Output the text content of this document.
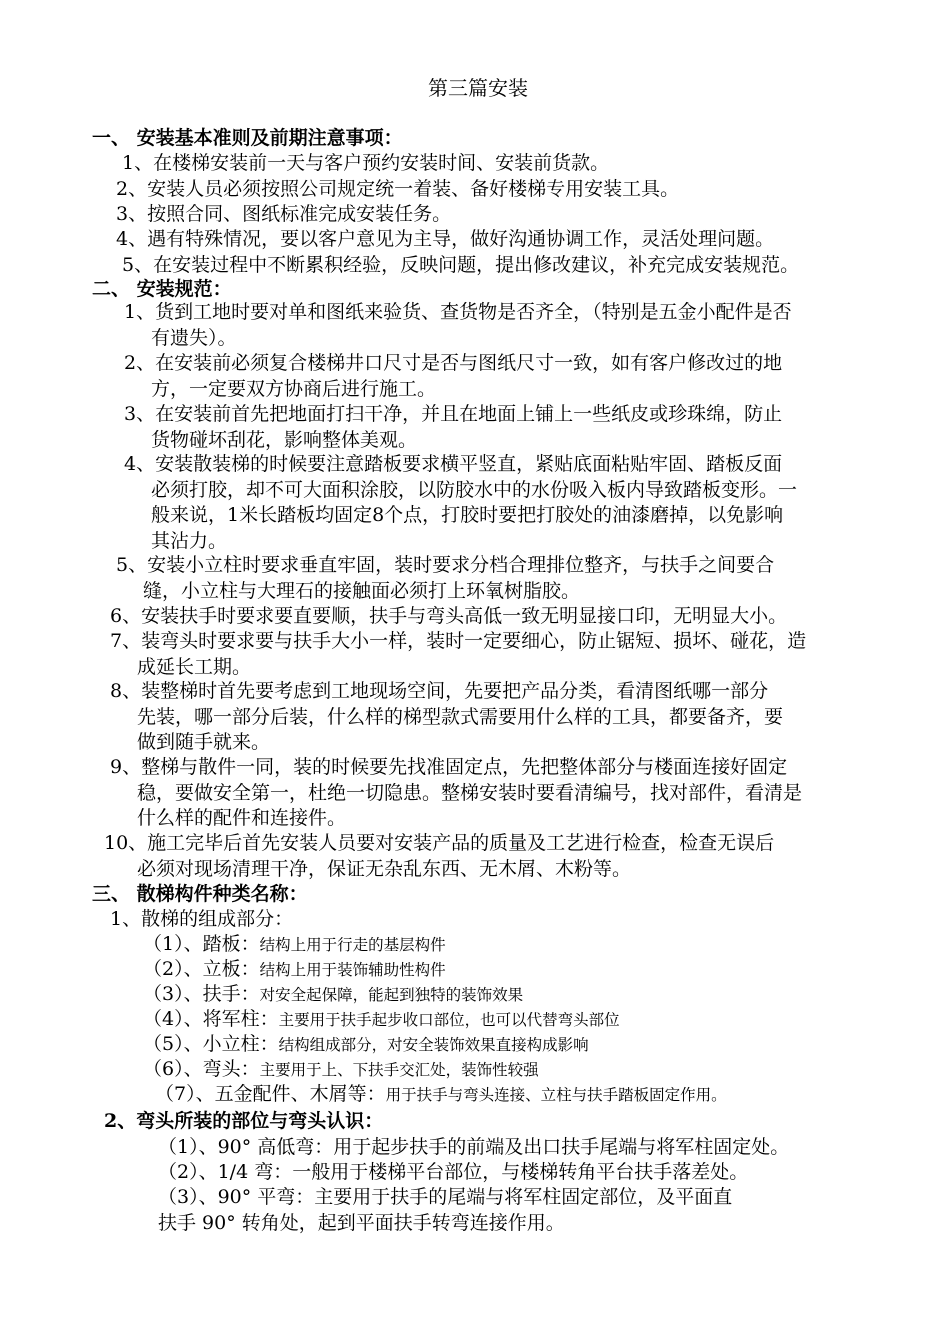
第三篇安装
一、 安装基本准则及前期注意事项：
1、在楼梯安装前一天与客户预约安装时间、安装前货款。
2、安装人员必须按照公司规定统一着装、备好楼梯专用安装工具。
3、按照合同、图纸标准完成安装任务。
4、遇有特殊情况，要以客户意见为主导，做好沟通协调工作，灵活处理问题。
5、在安装过程中不断累积经验，反映问题，提出修改建议，补充完成安装规范。
二、 安装规范：
1、货到工地时要对单和图纸来验货、查货物是否齐全，（特别是五金小配件是否
有遗失）。
2、在安装前必须复合楼梯井口尺寸是否与图纸尺寸一致，如有客户修改过的地
方，一定要双方协商后进行施工。
3、在安装前首先把地面打扫干净，并且在地面上铺上一些纸皮或珍珠绵，防止
货物碰坏刮花，影响整体美观。
4、安装散装梯的时候要注意踏板要求横平竖直，紧贴底面粘贴牢固、踏板反面
必须打胶，却不可大面积涂胶，以防胶水中的水份吸入板内导致踏板变形。一
般来说，1米长踏板均固定8个点，打胶时要把打胶处的油漆磨掉，以免影响
其沾力。
5、安装小立柱时要求垂直牢固，装时要求分档合理排位整齐，与扶手之间要合
缝，小立柱与大理石的接触面必须打上环氧树脂胶。
6、安装扶手时要求要直要顺，扶手与弯头高低一致无明显接口印，无明显大小。
7、装弯头时要求要与扶手大小一样，装时一定要细心，防止锯短、损坏、碰花，造
成延长工期。
8、装整梯时首先要考虑到工地现场空间，先要把产品分类，看清图纸哪一部分
先装，哪一部分后装，什么样的梯型款式需要用什么样的工具，都要备齐，要
做到随手就来。
9、整梯与散件一同，装的时候要先找准固定点，先把整体部分与楼面连接好固定
稳，要做安全第一，杜绝一切隐患。整梯安装时要看清编号，找对部件，看清是
什么样的配件和连接件。
10、施工完毕后首先安装人员要对安装产品的质量及工艺进行检查，检查无误后
必须对现场清理干净，保证无杂乱东西、无木屑、木粉等。
三、 散梯构件种类名称：
1、散梯的组成部分：
（1）、踏板：结构上用于行走的基层构件
（2）、立板：结构上用于装饰辅助性构件
（3）、扶手：对安全起保障，能起到独特的装饰效果
（4）、将军柱：主要用于扶手起步收口部位，也可以代替弯头部位
（5）、小立柱：结构组成部分，对安全装饰效果直接构成影响
（6）、弯头：主要用于上、下扶手交汇处，装饰性较强
（7）、五金配件、木屑等：用于扶手与弯头连接、立柱与扶手踏板固定作用。
2、弯头所装的部位与弯头认识：
（1）、90° 高低弯：用于起步扶手的前端及出口扶手尾端与将军柱固定处。
（2）、1/4 弯：一般用于楼梯平台部位，与楼梯转角平台扶手落差处。
（3）、90° 平弯：主要用于扶手的尾端与将军柱固定部位，及平面直
扶手 90° 转角处，起到平面扶手转弯连接作用。
